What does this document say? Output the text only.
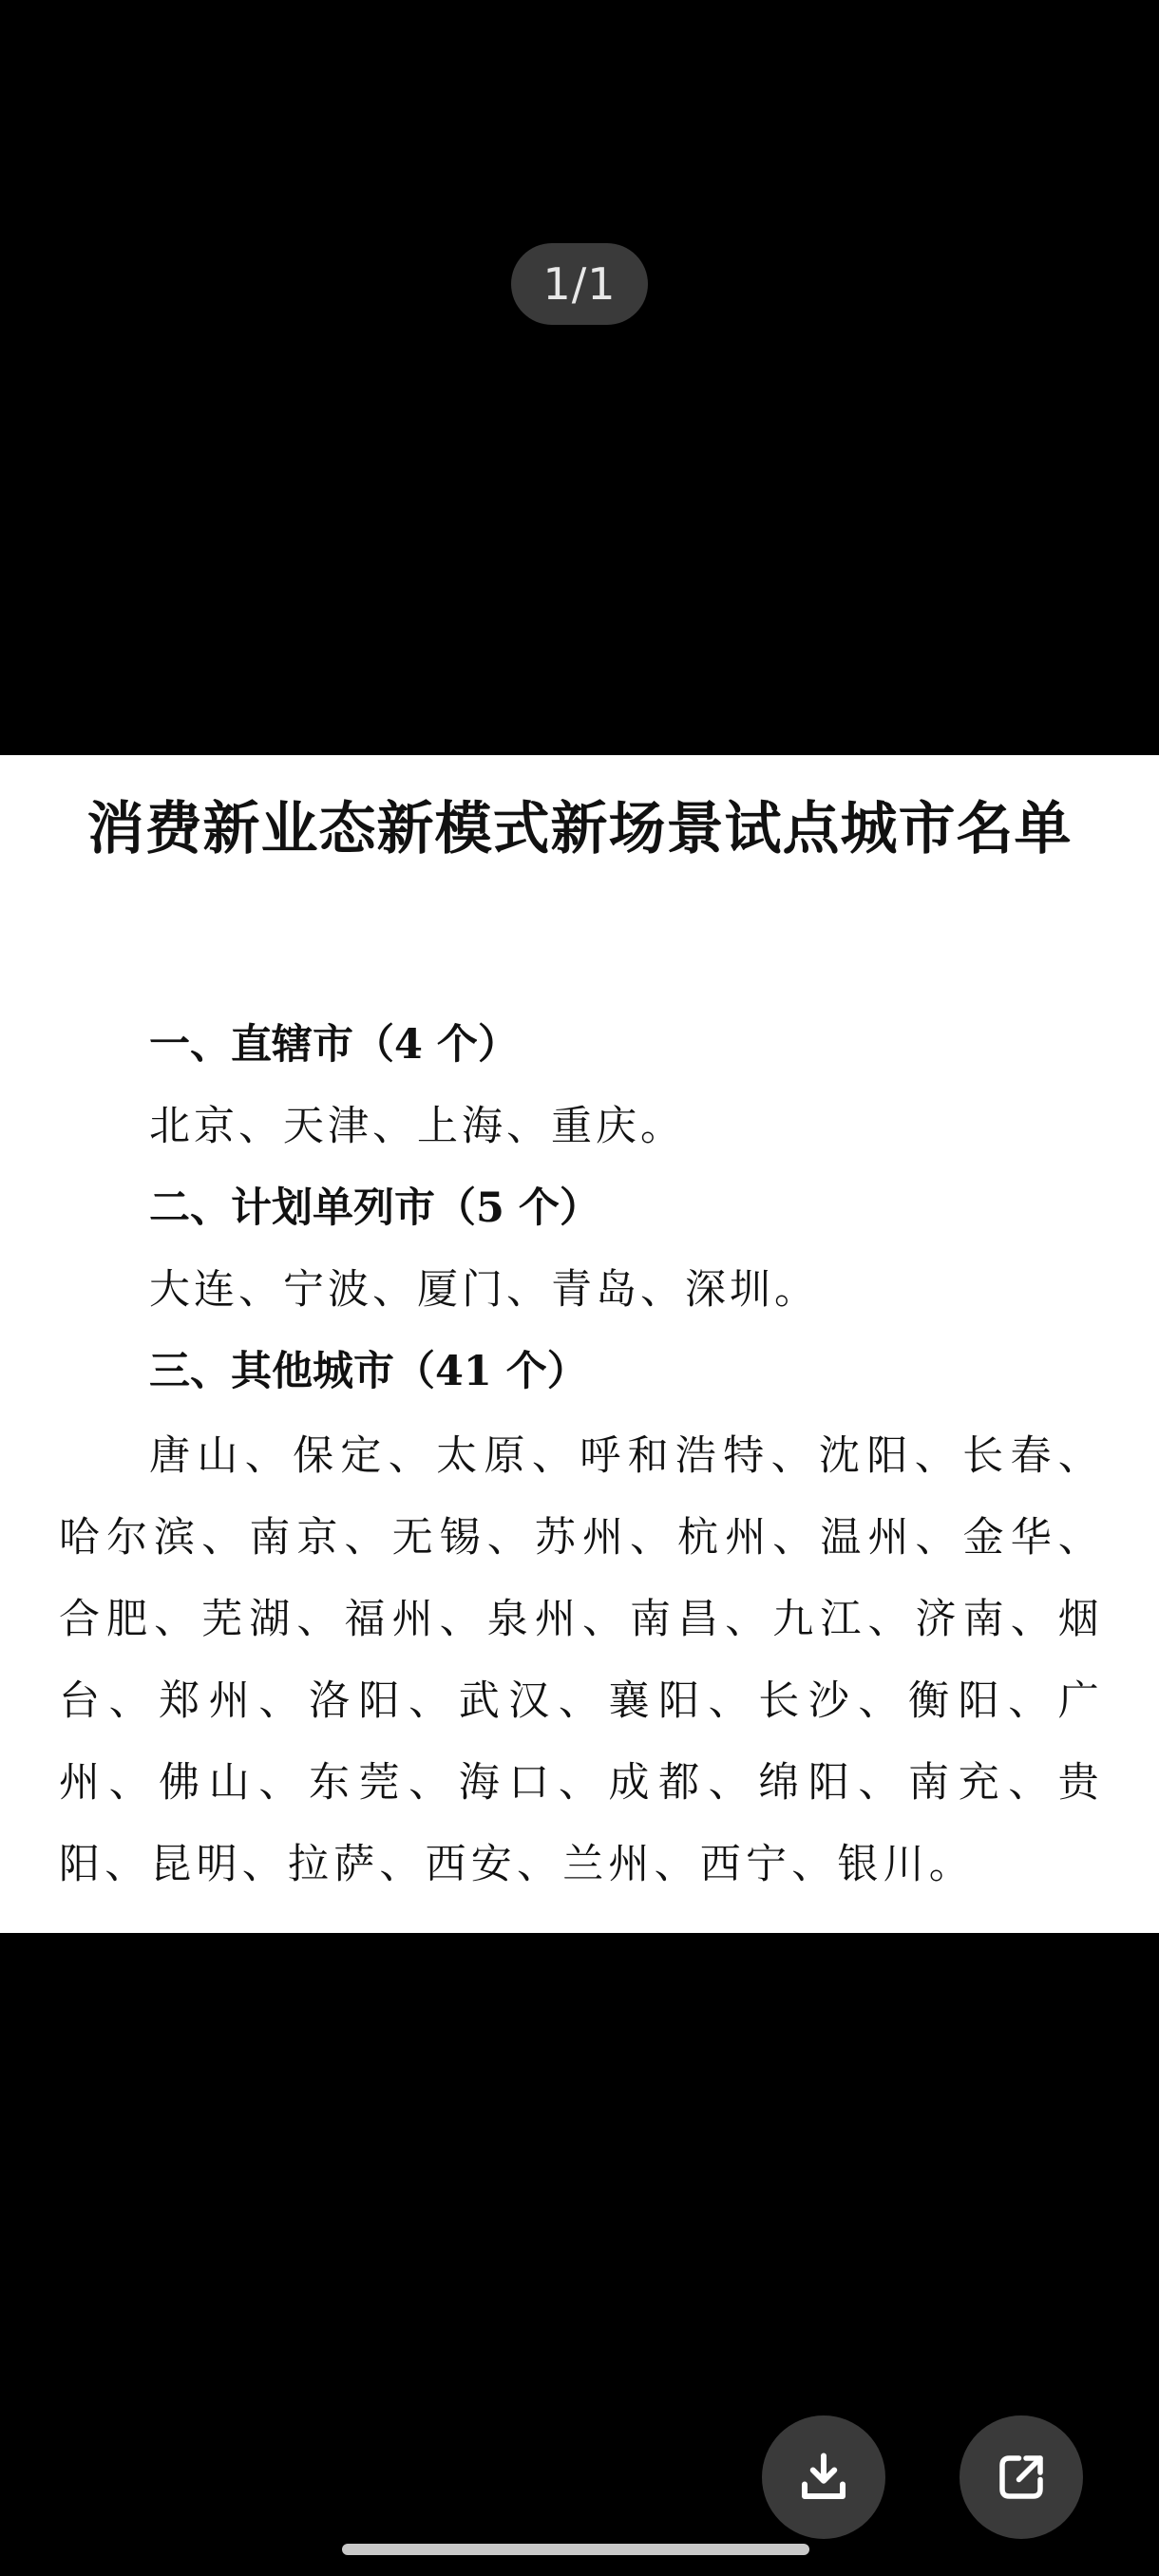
1/1
消费新业态新模式新场景试点城市名单
一、直辖市（4 个）
北京、天津、上海、重庆。
二、计划单列市（5 个）
大连、宁波、厦门、青岛、深圳。
三、其他城市（41 个）

唐山、保定、太原、呼和浩特、沈阳、长春、哈尔滨、南京、无锡、苏州、杭州、温州、金华、合肥、芜湖、福州、泉州、南昌、九江、济南、烟台、郑州、洛阳、武汉、襄阳、长沙、衡阳、广州、佛山、东莞、海口、成都、绵阳、南充、贵阳、昆明、拉萨、西安、兰州、西宁、银川。
